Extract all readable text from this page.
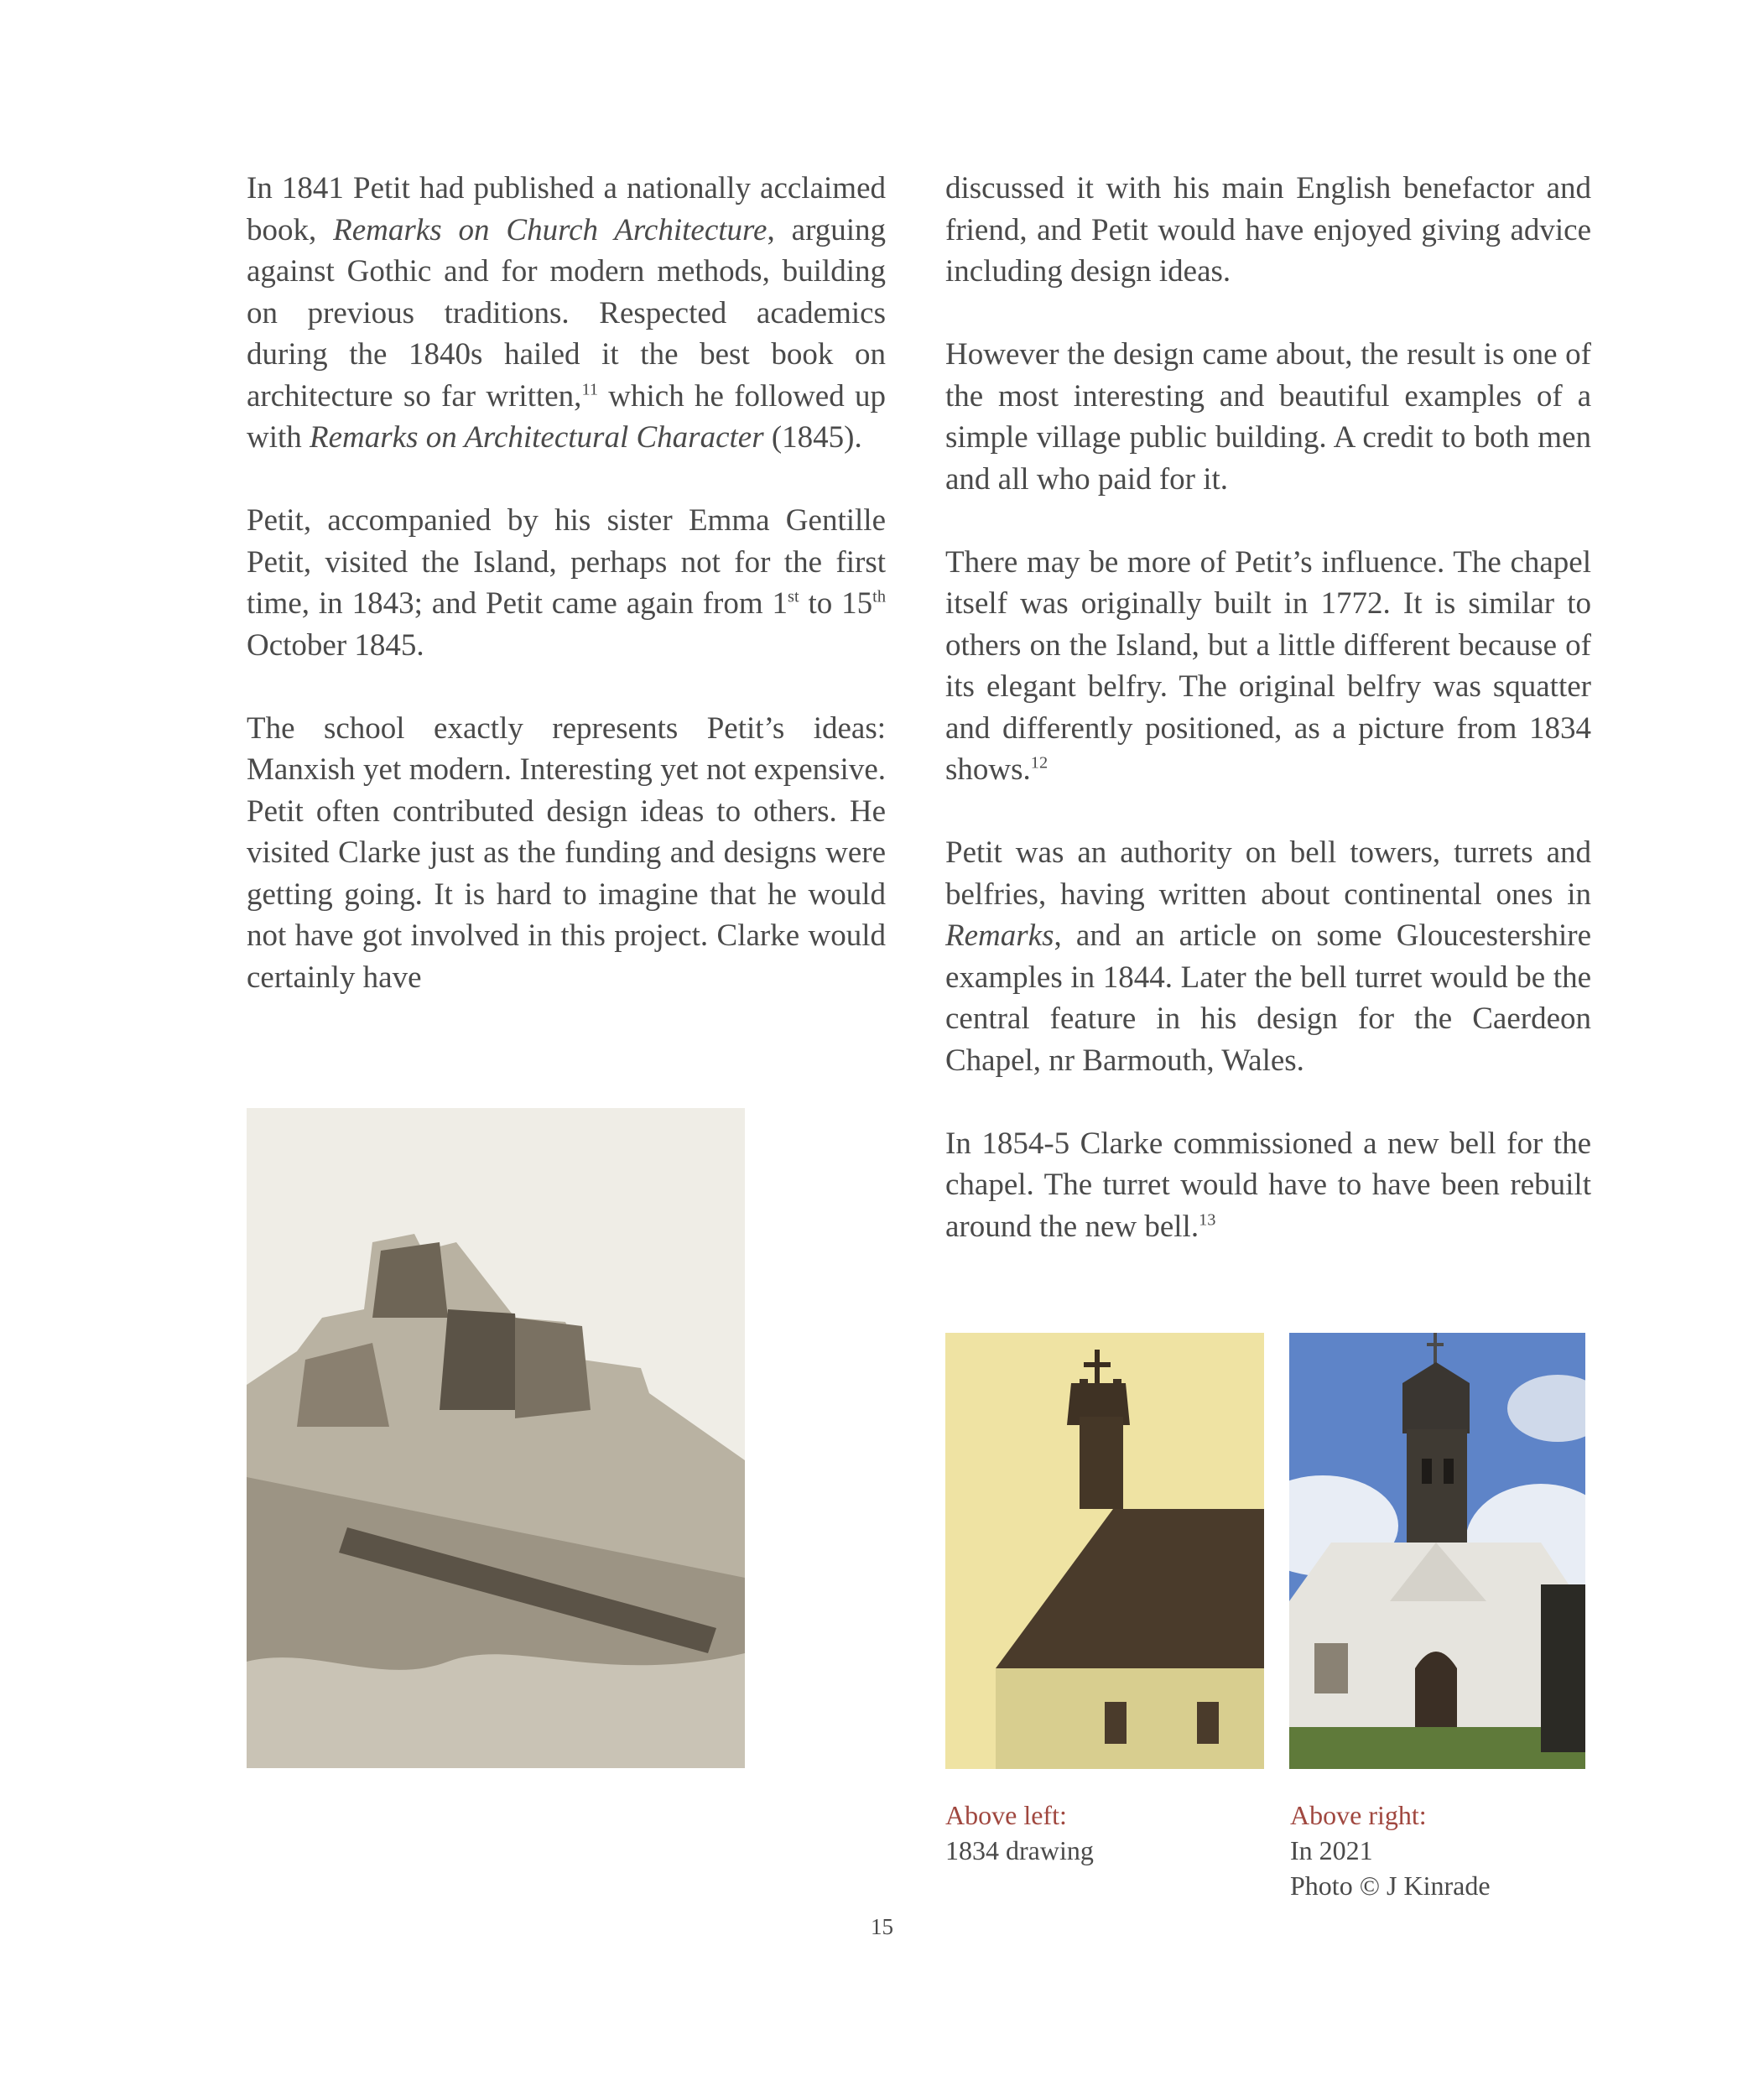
In 1841 Petit had published a nationally acclaimed book, Remarks on Church Architecture, arguing against Gothic and for modern methods, building on previous traditions. Respected academics during the 1840s hailed it the best book on architecture so far written,$^{11}$ which he followed up with Remarks on Architectural Character (1845).

Petit, accompanied by his sister Emma Gentille Petit, visited the Island, perhaps not for the first time, in 1843; and Petit came again from 1st to 15th October 1845.

The school exactly represents Petit’s ideas: Manxish yet modern. Interesting yet not expensive. Petit often contributed design ideas to others. He visited Clarke just as the funding and designs were getting going. It is hard to imagine that he would not have got involved in this project. Clarke would certainly have

discussed it with his main English benefactor and friend, and Petit would have enjoyed giving advice including design ideas.

However the design came about, the result is one of the most interesting and beautiful examples of a simple village public building. A credit to both men and all who paid for it.

There may be more of Petit’s influence. The chapel itself was originally built in 1772. It is similar to others on the Island, but a little different because of its elegant belfry. The original belfry was squatter and differently positioned, as a picture from 1834 shows.$^{12}$

Petit was an authority on bell towers, turrets and belfries, having written about continental ones in Remarks, and an article on some Gloucestershire examples in 1844. Later the bell turret would be the central feature in his design for the Caerdeon Chapel, nr Barmouth, Wales.

In 1854-5 Clarke commissioned a new bell for the chapel. The turret would have to have been rebuilt around the new bell.$^{13}$

Above left:
1834 drawing
Above right:
In 2021
Photo © J Kinrade
15
